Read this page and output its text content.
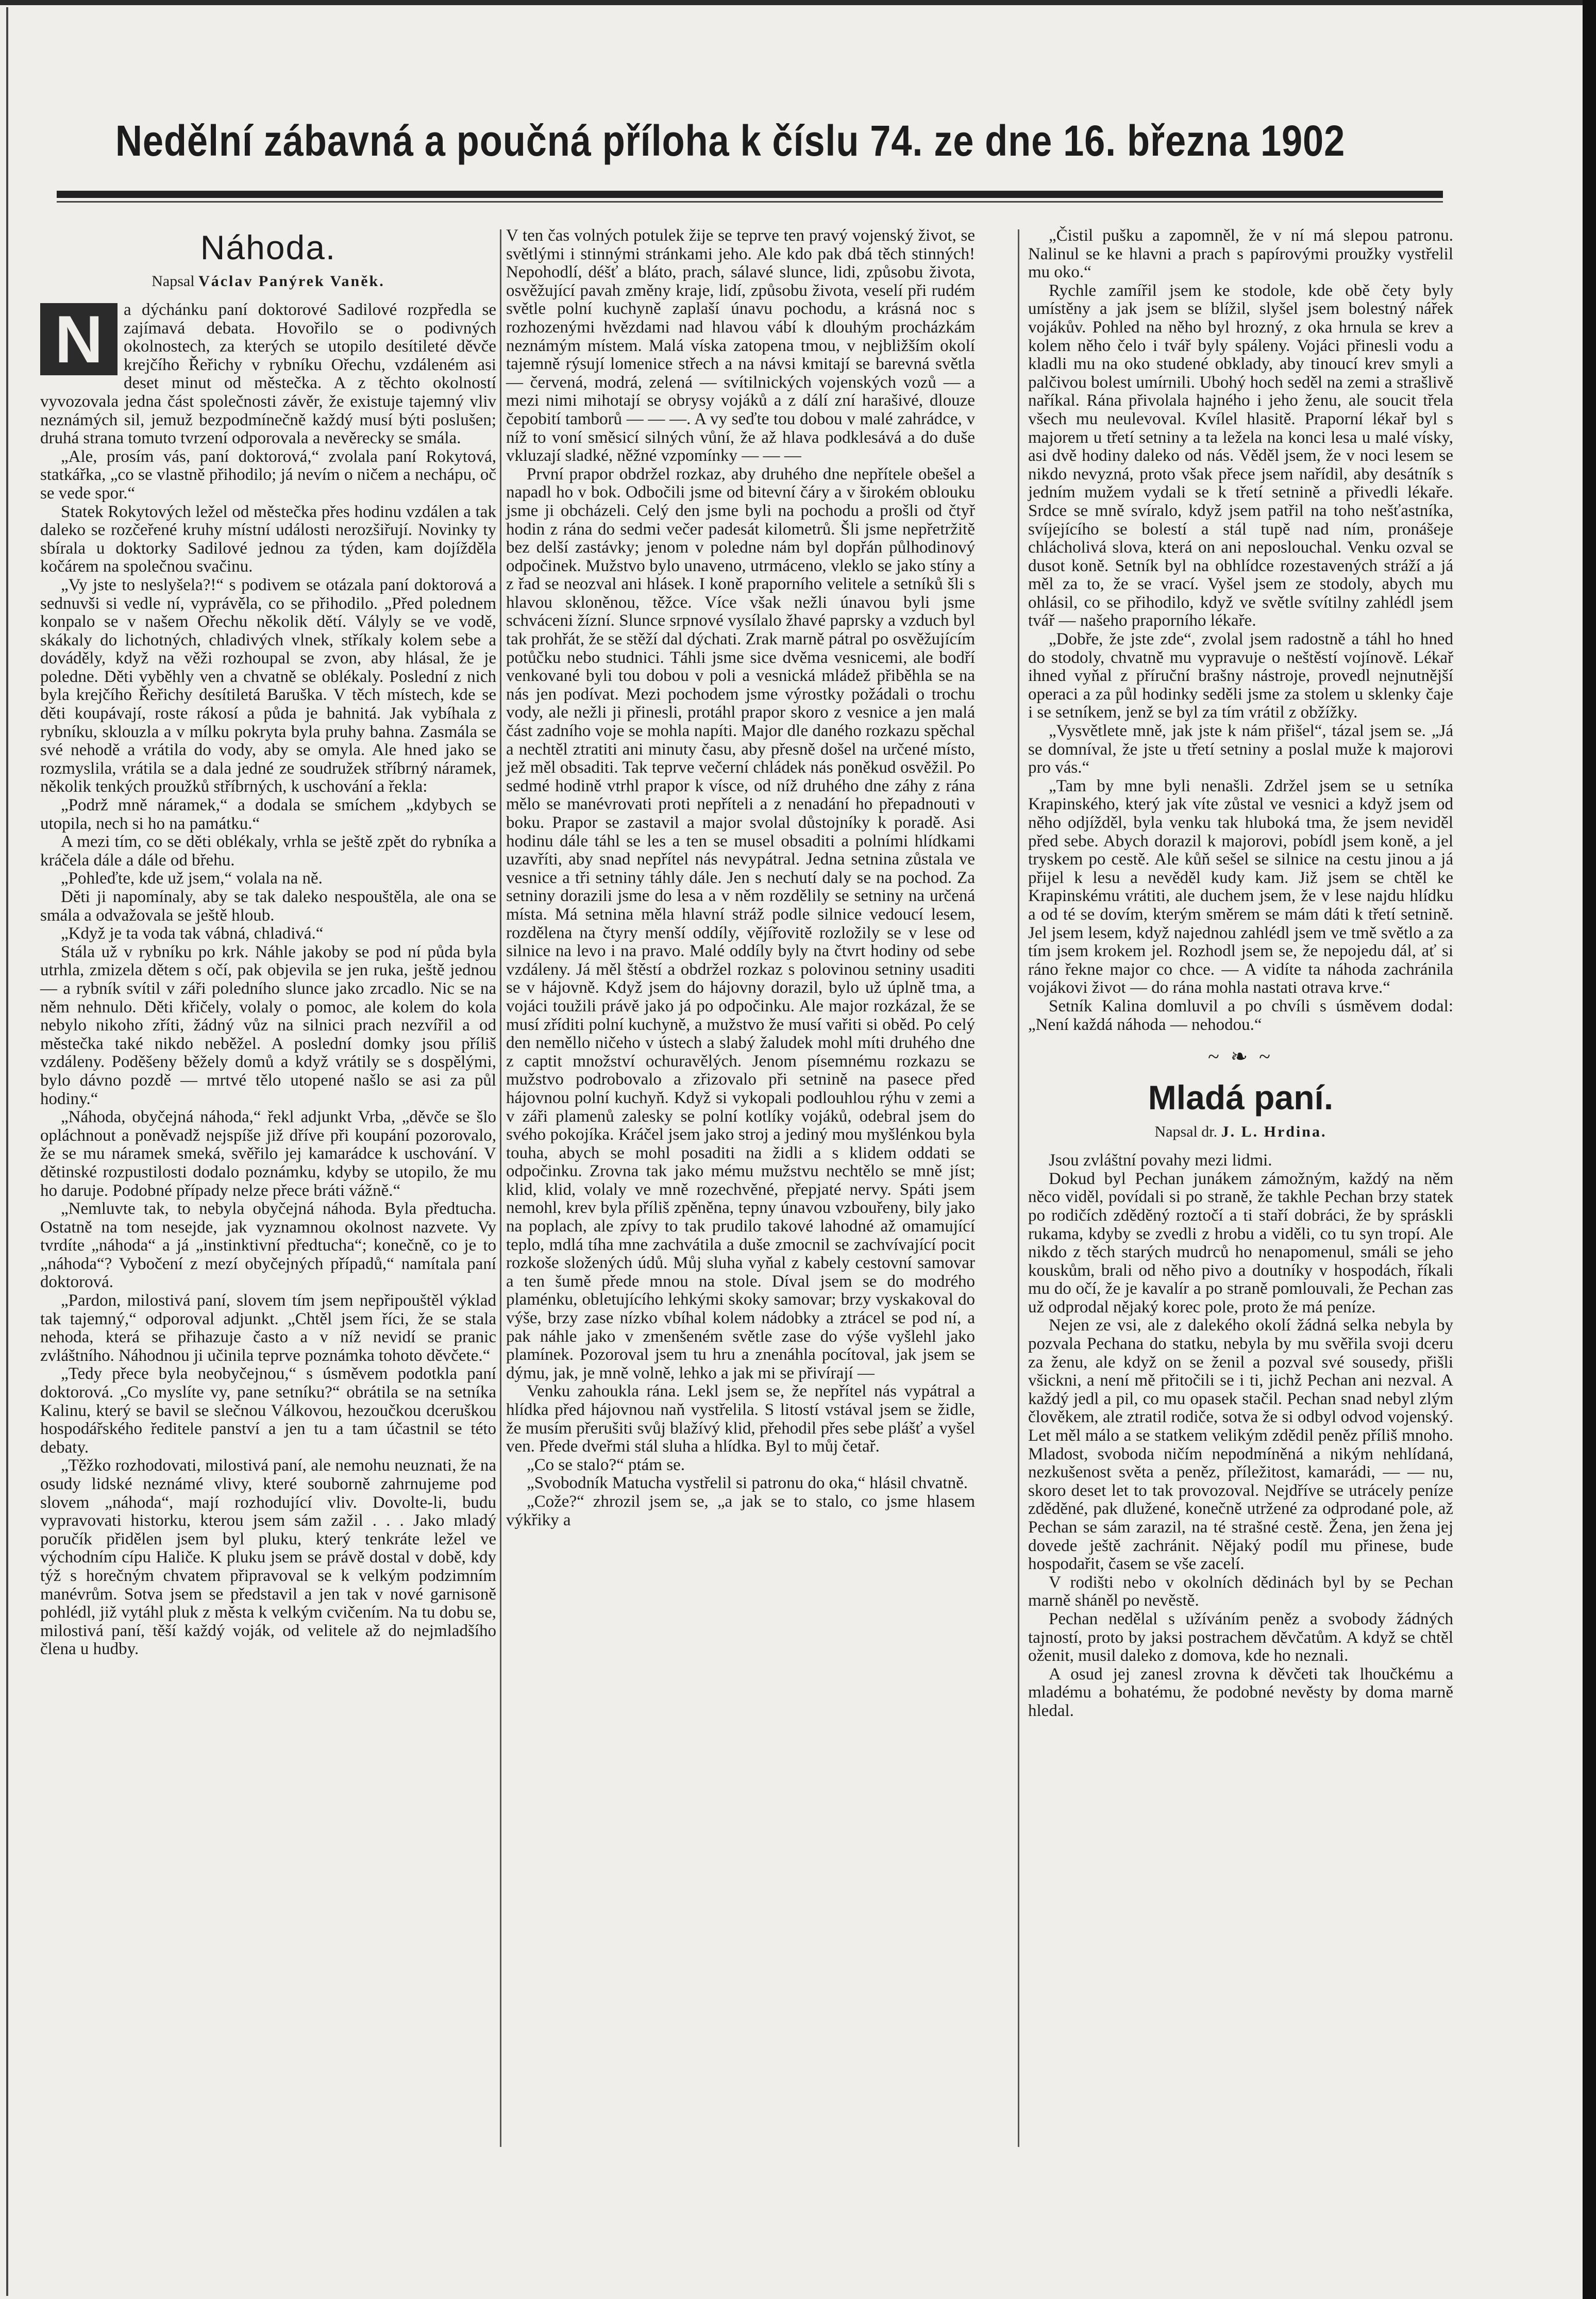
Nedělní zábavná a poučná příloha k číslu 74. ze dne 16. března 1902
Náhoda.
Napsal Václav Panýrek Vaněk.

N	a dýchánku paní doktorové Sadilové rozpředla se zajímavá debata. Hovořilo se o podivných okolnostech, za kterých se utopilo desítileté děvče krejčího Řeřichy v rybníku Ořechu, vzdáleném asi deset minut od městečka. A z těchto okolností vyvozovala jedna část společnosti závěr, že existuje tajemný vliv neznámých sil, jemuž bezpodmínečně každý musí býti poslušen; druhá strana tomuto tvrzení odporovala a nevěrecky se smála.

„Ale, prosím vás, paní doktorová,“ zvolala paní Rokytová, statkářka, „co se vlastně přihodilo; já nevím o ničem a nechápu, oč se vede spor.“

Statek Rokytových ležel od městečka přes hodinu vzdálen a tak daleko se rozčeřené kruhy místní události nerozšiřují. Novinky ty sbírala u doktorky Sadilové jednou za týden, kam dojížděla kočárem na společnou svačinu.

„Vy jste to neslyšela?!“ s podivem se otázala paní doktorová a sednuvši si vedle ní, vyprávěla, co se přihodilo. „Před polednem konpalo se v našem Ořechu několik dětí. Vályly se ve vodě, skákaly do lichotných, chladivých vlnek, stříkaly kolem sebe a dováděly, když na věži rozhoupal se zvon, aby hlásal, že je poledne. Děti vyběhly ven a chvatně se oblékaly. Poslední z nich byla krejčího Řeřichy desítiletá Baruška. V těch místech, kde se děti koupávají, roste rákosí a půda je bahnitá. Jak vybíhala z rybníku, sklouzla a v mílku pokryta byla pruhy bahna. Zasmála se své nehodě a vrátila do vody, aby se omyla. Ale hned jako se rozmyslila, vrátila se a dala jedné ze soudružek stříbrný náramek, několik tenkých proužků stříbrných, k uschování a řekla:

„Podrž mně náramek,“ a dodala se smíchem „kdybych se utopila, nech si ho na památku.“

A mezi tím, co se děti oblékaly, vrhla se ještě zpět do rybníka a kráčela dále a dále od břehu.

„Pohleďte, kde už jsem,“ volala na ně.

Děti ji napomínaly, aby se tak daleko nespouštěla, ale ona se smála a odvažovala se ještě hloub.

„Když je ta voda tak vábná, chladivá.“

Stála už v rybníku po krk. Náhle jakoby se pod ní půda byla utrhla, zmizela dětem s očí, pak objevila se jen ruka, ještě jednou — a rybník svítil v záři poledního slunce jako zrcadlo. Nic se na něm nehnulo. Děti křičely, volaly o pomoc, ale kolem do kola nebylo nikoho zříti, žádný vůz na silnici prach nezvířil a od městečka také nikdo neběžel. A poslední domky jsou příliš vzdáleny. Poděšeny běžely domů a když vrátily se s dospělými, bylo dávno pozdě — mrtvé tělo utopené našlo se asi za půl hodiny.“

„Náhoda, obyčejná náhoda,“ řekl adjunkt Vrba, „děvče se šlo opláchnout a poněvadž nejspíše již dříve při koupání pozorovalo, že se mu náramek smeká, svěřilo jej kamarádce k uschování. V dětinské rozpustilosti dodalo poznámku, kdyby se utopilo, že mu ho daruje. Podobné případy nelze přece bráti vážně.“

„Nemluvte tak, to nebyla obyčejná náhoda. Byla předtucha. Ostatně na tom nesejde, jak vyznamnou okolnost nazvete. Vy tvrdíte „náhoda“ a já „instinktivní předtucha“; konečně, co je to „náhoda“? Vybočení z mezí obyčejných případů,“ namítala paní doktorová.

„Pardon, milostivá paní, slovem tím jsem nepřipouštěl výklad tak tajemný,“ odporoval adjunkt. „Chtěl jsem říci, že se stala nehoda, která se přihazuje často a v níž nevidí se pranic zvláštního. Náhodnou ji učinila teprve poznámka tohoto děvčete.“

„Tedy přece byla neobyčejnou,“ s úsměvem podotkla paní doktorová. „Co myslíte vy, pane setníku?“ obrátila se na setníka Kalinu, který se bavil se slečnou Válkovou, hezoučkou dceruškou hospodářského ředitele panství a jen tu a tam účastnil se této debaty.

„Těžko rozhodovati, milostivá paní, ale nemohu neuznati, že na osudy lidské neznámé vlivy, které souborně zahrnujeme pod slovem „náhoda“, mají rozhodující vliv. Dovolte-li, budu vypravovati historku, kterou jsem sám zažil . . . Jako mladý poručík přidělen jsem byl pluku, který tenkráte ležel ve východním cípu Haliče. K pluku jsem se právě dostal v době, kdy týž s horečným chvatem připravoval se k velkým podzimním manévrům. Sotva jsem se představil a jen tak v nové garnisoně pohlédl, již vytáhl pluk z města k velkým cvičením. Na tu dobu se, milostivá paní, těší každý voják, od velitele až do nejmladšího člena u hudby.

V ten čas volných potulek žije se teprve ten pravý vojenský život, se světlými i stinnými stránkami jeho. Ale kdo pak dbá těch stinných! Nepohodlí, déšť a bláto, prach, sálavé slunce, lidi, způsobu života, osvěžující pavah změny kraje, lidí, způsobu života, veselí při rudém světle polní kuchyně zaplaší únavu pochodu, a krásná noc s rozhozenými hvězdami nad hlavou vábí k dlouhým procházkám neznámým místem. Malá víska zatopena tmou, v nejbližším okolí tajemně rýsují lomenice střech a na návsi kmitají se barevná světla — červená, modrá, zelená — svítilnických vojenských vozů — a mezi nimi mihotají se obrysy vojáků a z dálí zní harašivé, dlouze čepobití tamborů — — —. A vy seďte tou dobou v malé zahrádce, v níž to voní směsicí silných vůní, že až hlava podklesává a do duše vkluzají sladké, něžné vzpomínky — — —

První prapor obdržel rozkaz, aby druhého dne nepřítele obešel a napadl ho v bok. Odbočili jsme od bitevní čáry a v širokém oblouku jsme ji obcházeli. Celý den jsme byli na pochodu a prošli od čtyř hodin z rána do sedmi večer padesát kilometrů. Šli jsme nepřetržitě bez delší zastávky; jenom v poledne nám byl dopřán půlhodinový odpočinek. Mužstvo bylo unaveno, utrmáceno, vleklo se jako stíny a z řad se neozval ani hlásek. I koně praporního velitele a setníků šli s hlavou skloněnou, těžce. Více však nežli únavou byli jsme schváceni žízní. Slunce srpnové vysílalo žhavé paprsky a vzduch byl tak prohřát, že se stěží dal dýchati. Zrak marně pátral po osvěžujícím potůčku nebo studnici. Táhli jsme sice dvěma vesnicemi, ale bodří venkované byli tou dobou v poli a vesnická mládež přiběhla se na nás jen podívat. Mezi pochodem jsme výrostky požádali o trochu vody, ale nežli ji přinesli, protáhl prapor skoro z vesnice a jen malá část zadního voje se mohla napíti. Major dle daného rozkazu spěchal a nechtěl ztratiti ani minuty času, aby přesně došel na určené místo, jež měl obsaditi. Tak teprve večerní chládek nás poněkud osvěžil. Po sedmé hodině vtrhl prapor k vísce, od níž druhého dne záhy z rána mělo se manévrovati proti nepříteli a z nenadání ho přepadnouti v boku. Prapor se zastavil a major svolal důstojníky k poradě. Asi hodinu dále táhl se les a ten se musel obsaditi a polními hlídkami uzavříti, aby snad nepřítel nás nevypátral. Jedna setnina zůstala ve vesnice a tři setniny táhly dále. Jen s nechutí daly se na pochod. Za setniny dorazili jsme do lesa a v něm rozdělily se setniny na určená místa. Má setnina měla hlavní stráž podle silnice vedoucí lesem, rozdělena na čtyry menší oddíly, vějířovitě rozložily se v lese od silnice na levo i na pravo. Malé oddíly byly na čtvrt hodiny od sebe vzdáleny. Já měl štěstí a obdržel rozkaz s polovinou setniny usaditi se v hájovně. Když jsem do hájovny dorazil, bylo už úplně tma, a vojáci toužili právě jako já po odpočinku. Ale major rozkázal, že se musí zříditi polní kuchyně, a mužstvo že musí vařiti si oběd. Po celý den neměllo ničeho v ústech a slabý žaludek mohl míti druhého dne z captit množství ochuravělých. Jenom písemnému rozkazu se mužstvo podrobovalo a zřizovalo při setnině na pasece před hájovnou polní kuchyň. Když si vykopali podlouhlou rýhu v zemi a v záři plamenů zalesky se polní kotlíky vojáků, odebral jsem do svého pokojíka. Kráčel jsem jako stroj a jediný mou myšlénkou byla touha, abych se mohl posaditi na židli a s klidem oddati se odpočinku. Zrovna tak jako mému mužstvu nechtělo se mně jíst; klid, klid, volaly ve mně rozechvěné, přepjaté nervy. Spáti jsem nemohl, krev byla příliš zpěněna, tepny únavou vzbouřeny, bily jako na poplach, ale zpívy to tak prudilo takové lahodné až omamující teplo, mdlá tíha mne zachvátila a duše zmocnil se zachvívající pocit rozkoše složených údů. Můj sluha vyňal z kabely cestovní samovar a ten šumě přede mnou na stole. Díval jsem se do modrého plaménku, obletujícího lehkými skoky samovar; brzy vyskakoval do výše, brzy zase nízko vbíhal kolem nádobky a ztrácel se pod ní, a pak náhle jako v zmenšeném světle zase do výše vyšlehl jako plamínek. Pozoroval jsem tu hru a znenáhla pocítoval, jak jsem se dýmu, jak, je mně volně, lehko a jak mi se přivírají —

Venku zahoukla rána. Lekl jsem se, že nepřítel nás vypátral a hlídka před hájovnou naň vystřelila. S litostí vstával jsem se židle, že musím přerušiti svůj blažívý klid, přehodil přes sebe plášť a vyšel ven. Přede dveřmi stál sluha a hlídka. Byl to můj četař.

„Co se stalo?“ ptám se.

„Svobodník Matucha vystřelil si patronu do oka,“ hlásil chvatně.

„Cože?“ zhrozil jsem se, „a jak se to stalo, co jsme hlasem výkřiky a

„Čistil pušku a zapomněl, že v ní má slepou patronu. Nalinul se ke hlavni a prach s papírovými proužky vystřelil mu oko.“

Rychle zamířil jsem ke stodole, kde obě čety byly umístěny a jak jsem se blížil, slyšel jsem bolestný nářek vojákův. Pohled na něho byl hrozný, z oka hrnula se krev a kolem něho čelo i tvář byly spáleny. Vojáci přinesli vodu a kladli mu na oko studené obklady, aby tinoucí krev smyli a palčivou bolest umírnili. Ubohý hoch seděl na zemi a strašlivě naříkal. Rána přivolala hajného i jeho ženu, ale soucit třela všech mu neulevoval. Kvílel hlasitě. Praporní lékař byl s majorem u třetí setniny a ta ležela na konci lesa u malé vísky, asi dvě hodiny daleko od nás. Věděl jsem, že v noci lesem se nikdo nevyzná, proto však přece jsem nařídil, aby desátník s jedním mužem vydali se k třetí setnině a přivedli lékaře. Srdce se mně svíralo, když jsem patřil na toho nešťastníka, svíjejícího se bolestí a stál tupě nad ním, pronášeje chlácholivá slova, která on ani neposlouchal. Venku ozval se dusot koně. Setník byl na obhlídce rozestavených stráží a já měl za to, že se vrací. Vyšel jsem ze stodoly, abych mu ohlásil, co se přihodilo, když ve světle svítilny zahlédl jsem tvář — našeho praporního lékaře.

„Dobře, že jste zde“, zvolal jsem radostně a táhl ho hned do stodoly, chvatně mu vypravuje o neštěstí vojínově. Lékař ihned vyňal z příruční brašny nástroje, provedl nejnutnější operaci a za půl hodinky seděli jsme za stolem u sklenky čaje i se setníkem, jenž se byl za tím vrátil z obžížky.

„Vysvětlete mně, jak jste k nám přišel“, tázal jsem se. „Já se domníval, že jste u třetí setniny a poslal muže k majorovi pro vás.“

„Tam by mne byli nenašli. Zdržel jsem se u setníka Krapinského, který jak víte zůstal ve vesnici a když jsem od něho odjížděl, byla venku tak hluboká tma, že jsem neviděl před sebe. Abych dorazil k majorovi, pobídl jsem koně, a jel tryskem po cestě. Ale kůň sešel se silnice na cestu jinou a já přijel k lesu a nevěděl kudy kam. Již jsem se chtěl ke Krapinskému vrátiti, ale duchem jsem, že v lese najdu hlídku a od té se dovím, kterým směrem se mám dáti k třetí setnině. Jel jsem lesem, když najednou zahlédl jsem ve tmě světlo a za tím jsem krokem jel. Rozhodl jsem se, že nepojedu dál, ať si ráno řekne major co chce. — A vidíte ta náhoda zachránila vojákovi život — do rána mohla nastati otrava krve.“

Setník Kalina domluvil a po chvíli s úsměvem dodal: „Není každá náhoda — nehodou.“

~ ❧ ~
Mladá paní.
Napsal dr. J. L. Hrdina.

Jsou zvláštní povahy mezi lidmi.

Dokud byl Pechan junákem zámožným, každý na něm něco viděl, povídali si po straně, že takhle Pechan brzy statek po rodičích zděděný roztočí a ti staří dobráci, že by spráskli rukama, kdyby se zvedli z hrobu a viděli, co tu syn tropí. Ale nikdo z těch starých mudrců ho nenapomenul, smáli se jeho kouskům, brali od něho pivo a doutníky v hospodách, říkali mu do očí, že je kavalír a po straně pomlouvali, že Pechan zas už odprodal nějaký korec pole, proto že má peníze.

Nejen ze vsi, ale z dalekého okolí žádná selka nebyla by pozvala Pechana do statku, nebyla by mu svěřila svoji dceru za ženu, ale když on se ženil a pozval své sousedy, přišli všickni, a není mě přitočili se i ti, jichž Pechan ani nezval. A každý jedl a pil, co mu opasek stačil. Pechan snad nebyl zlým člověkem, ale ztratil rodiče, sotva že si odbyl odvod vojenský. Let měl málo a se statkem velikým zdědil peněz příliš mnoho. Mladost, svoboda ničím nepodmíněná a nikým nehlídaná, nezkušenost světa a peněz, příležitost, kamarádi, — — nu, skoro deset let to tak provozoval. Nejdříve se utrácely peníze zděděné, pak dlužené, konečně utržené za odprodané pole, až Pechan se sám zarazil, na té strašné cestě. Žena, jen žena jej dovede ještě zachránit. Nějaký podíl mu přinese, bude hospodařit, časem se vše zacelí.

V rodišti nebo v okolních dědinách byl by se Pechan marně sháněl po nevěstě.

Pechan nedělal s užíváním peněz a svobody žádných tajností, proto by jaksi postrachem děvčatům. A když se chtěl oženit, musil daleko z domova, kde ho neznali.

A osud jej zanesl zrovna k děvčeti tak lhoučkému a mladému a bohatému, že podobné nevěsty by doma marně hledal.
